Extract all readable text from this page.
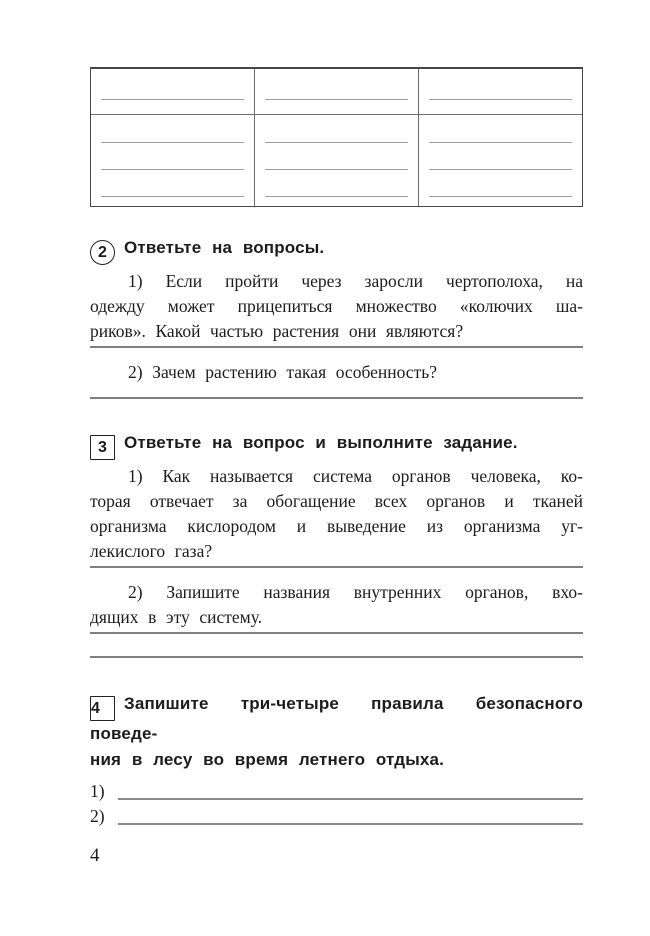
2 Ответьте на вопросы.
1) Если пройти через заросли чертополоха, на
одежду может прицепиться множество «колючих ша-
риков». Какой частью растения они являются?
2) Зачем растению такая особенность?
3 Ответьте на вопрос и выполните задание.
1) Как называется система органов человека, ко-
торая отвечает за обогащение всех органов и тканей
организма кислородом и выведение из организма уг-
лекислого газа?
2) Запишите названия внутренних органов, вхо-
дящих в эту систему.
4 Запишите три-четыре правила безопасного поведе-
ния в лесу во время летнего отдыха.
1)
2)
4
